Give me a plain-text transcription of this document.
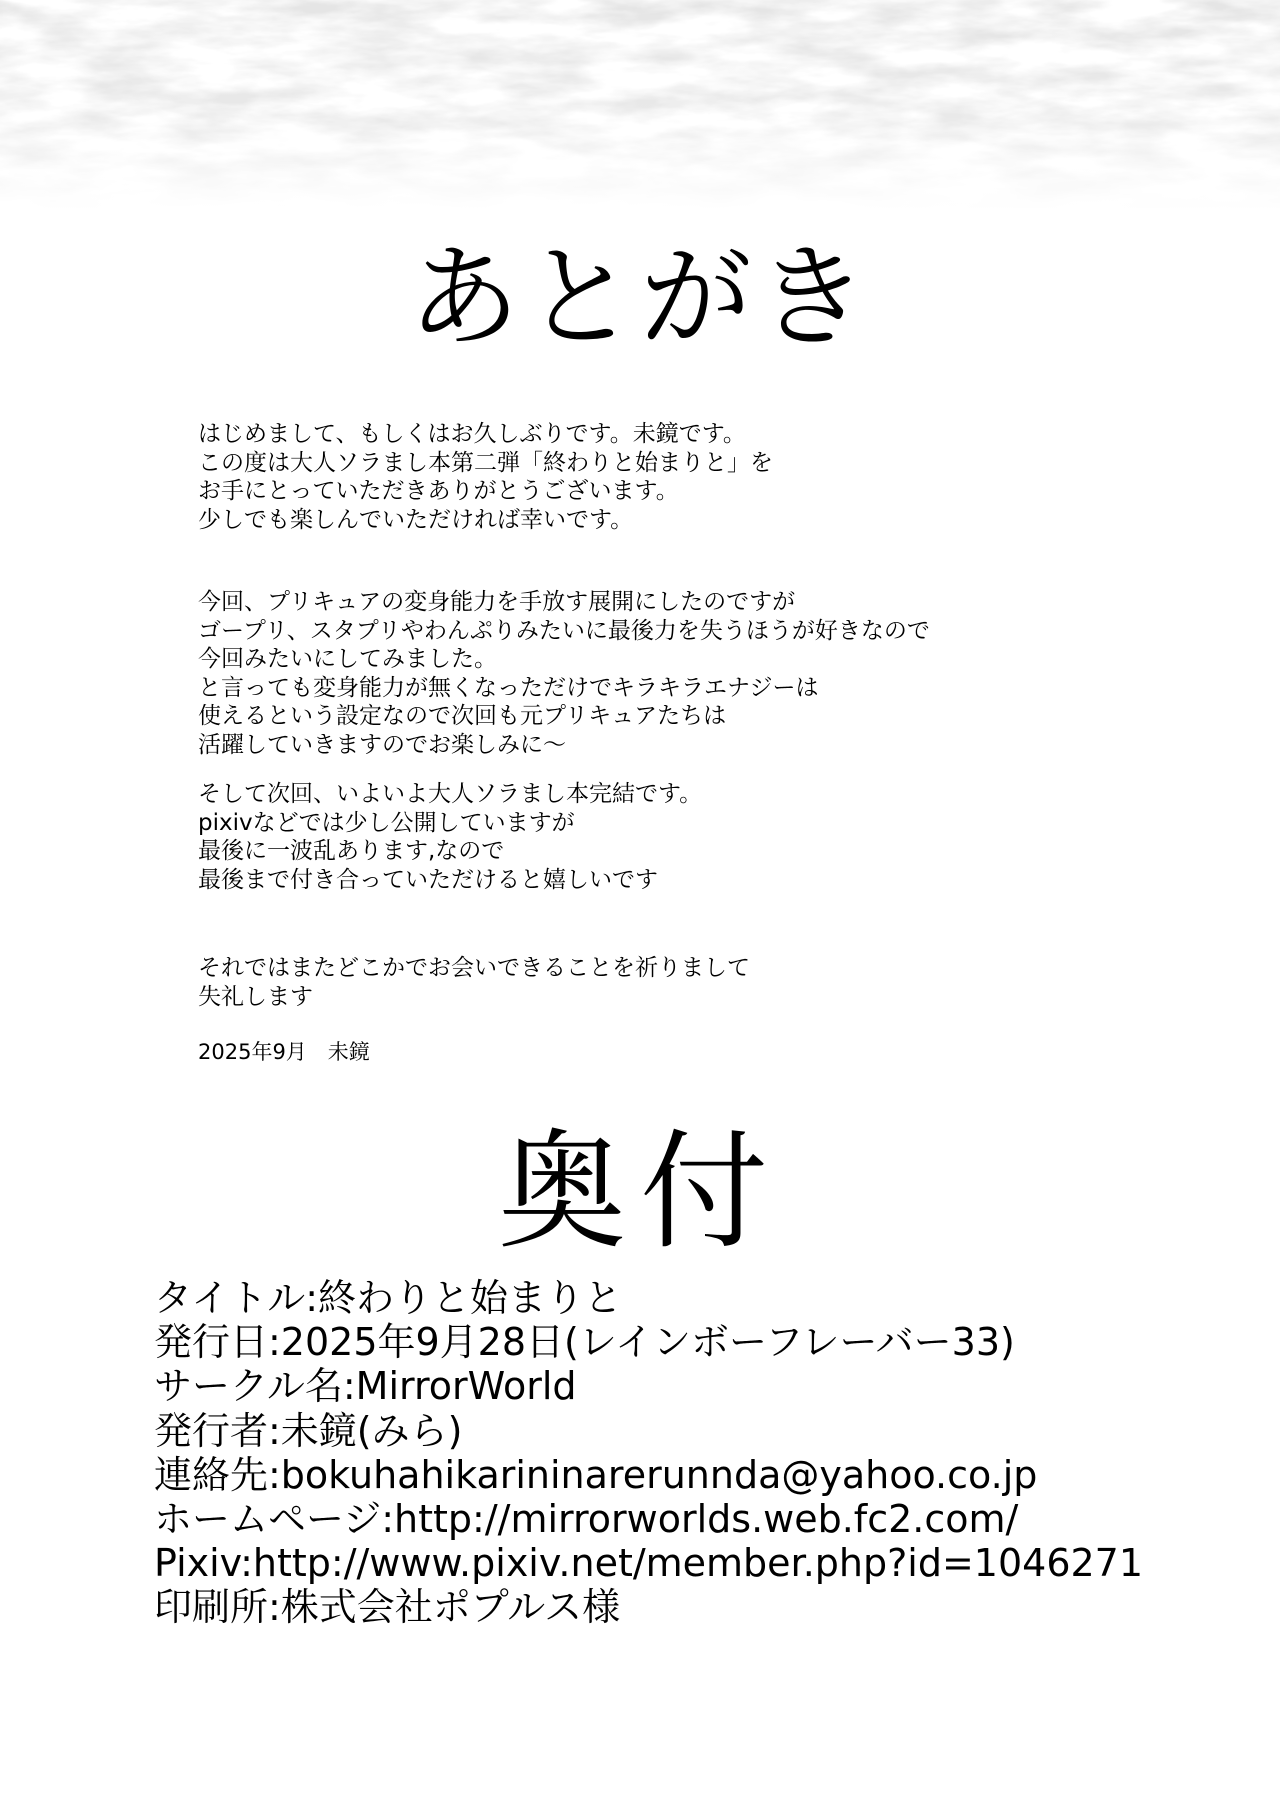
あとがき
はじめまして、もしくはお久しぶりです。未鏡です。
この度は大人ソラまし本第二弾「終わりと始まりと」を
お手にとっていただきありがとうございます。
少しでも楽しんでいただければ幸いです。
今回、プリキュアの変身能力を手放す展開にしたのですが
ゴープリ、スタプリやわんぷりみたいに最後力を失うほうが好きなので
今回みたいにしてみました。
と言っても変身能力が無くなっただけでキラキラエナジーは
使えるという設定なので次回も元プリキュアたちは
活躍していきますのでお楽しみに～
そして次回、いよいよ大人ソラまし本完結です。
pixivなどでは少し公開していますが
最後に一波乱あります,なので
最後まで付き合っていただけると嬉しいです
それではまたどこかでお会いできることを祈りまして
失礼します
2025年9月　未鏡
奥付
タイトル:終わりと始まりと
発行日:2025年9月28日(レインボーフレーバー33)
サークル名:MirrorWorld
発行者:未鏡(みら)
連絡先:bokuhahikarininarerunnda@yahoo.co.jp
ホームページ:http://mirrorworlds.web.fc2.com/
Pixiv:http://www.pixiv.net/member.php?id=1046271
印刷所:株式会社ポプルス様
